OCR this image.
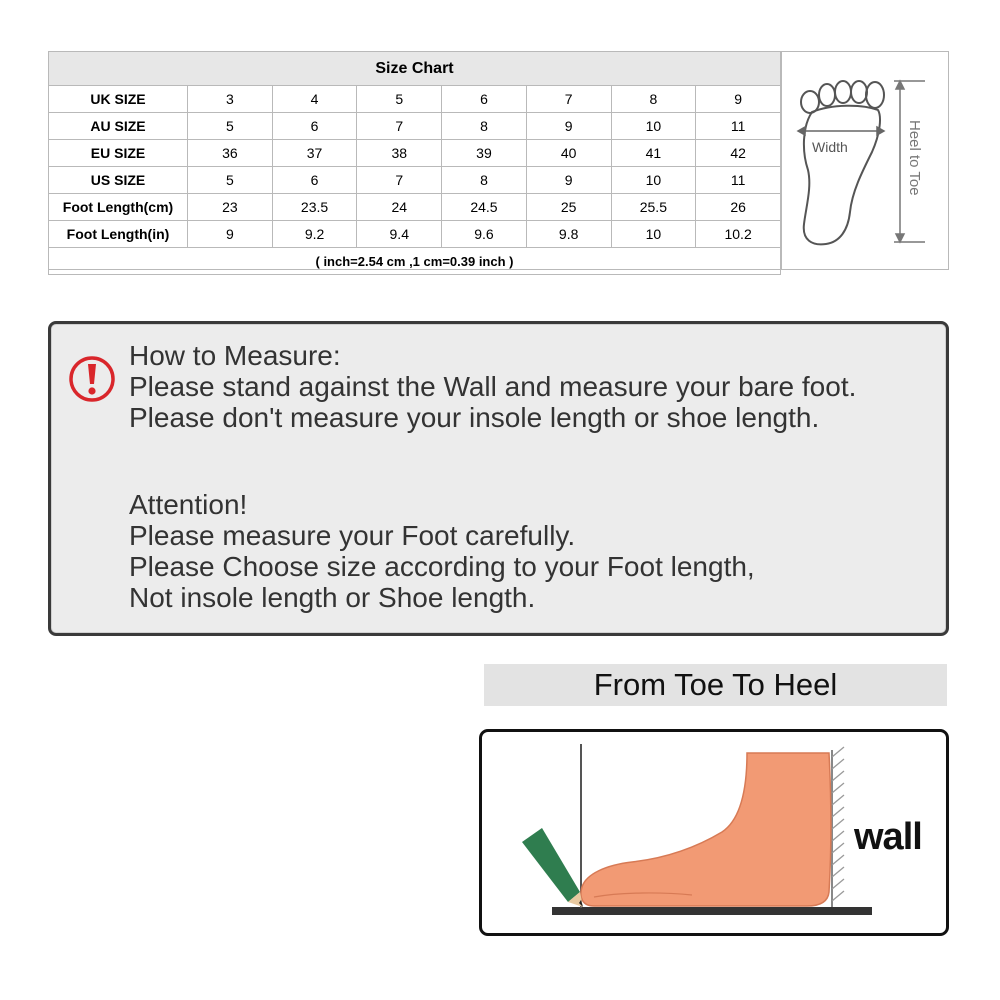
Size Chart							
UK SIZE	3	4	5	6	7	8	9
AU SIZE	5	6	7	8	9	10	11
EU SIZE	36	37	38	39	40	41	42
US SIZE	5	6	7	8	9	10	11
Foot Length(cm)	23	23.5	24	24.5	25	25.5	26
Foot Length(in)	9	9.2	9.4	9.6	9.8	10	10.2
( inch=2.54 cm ,1 cm=0.39 inch )							
Width	Heel to Toe
How to Measure:
Please stand against the Wall and measure your bare foot.
Please don't measure your insole length or shoe length.
Attention!
Please measure your Foot carefully.
Please Choose size according to your Foot length,
Not insole length or Shoe length.
From Toe To Heel
wall
